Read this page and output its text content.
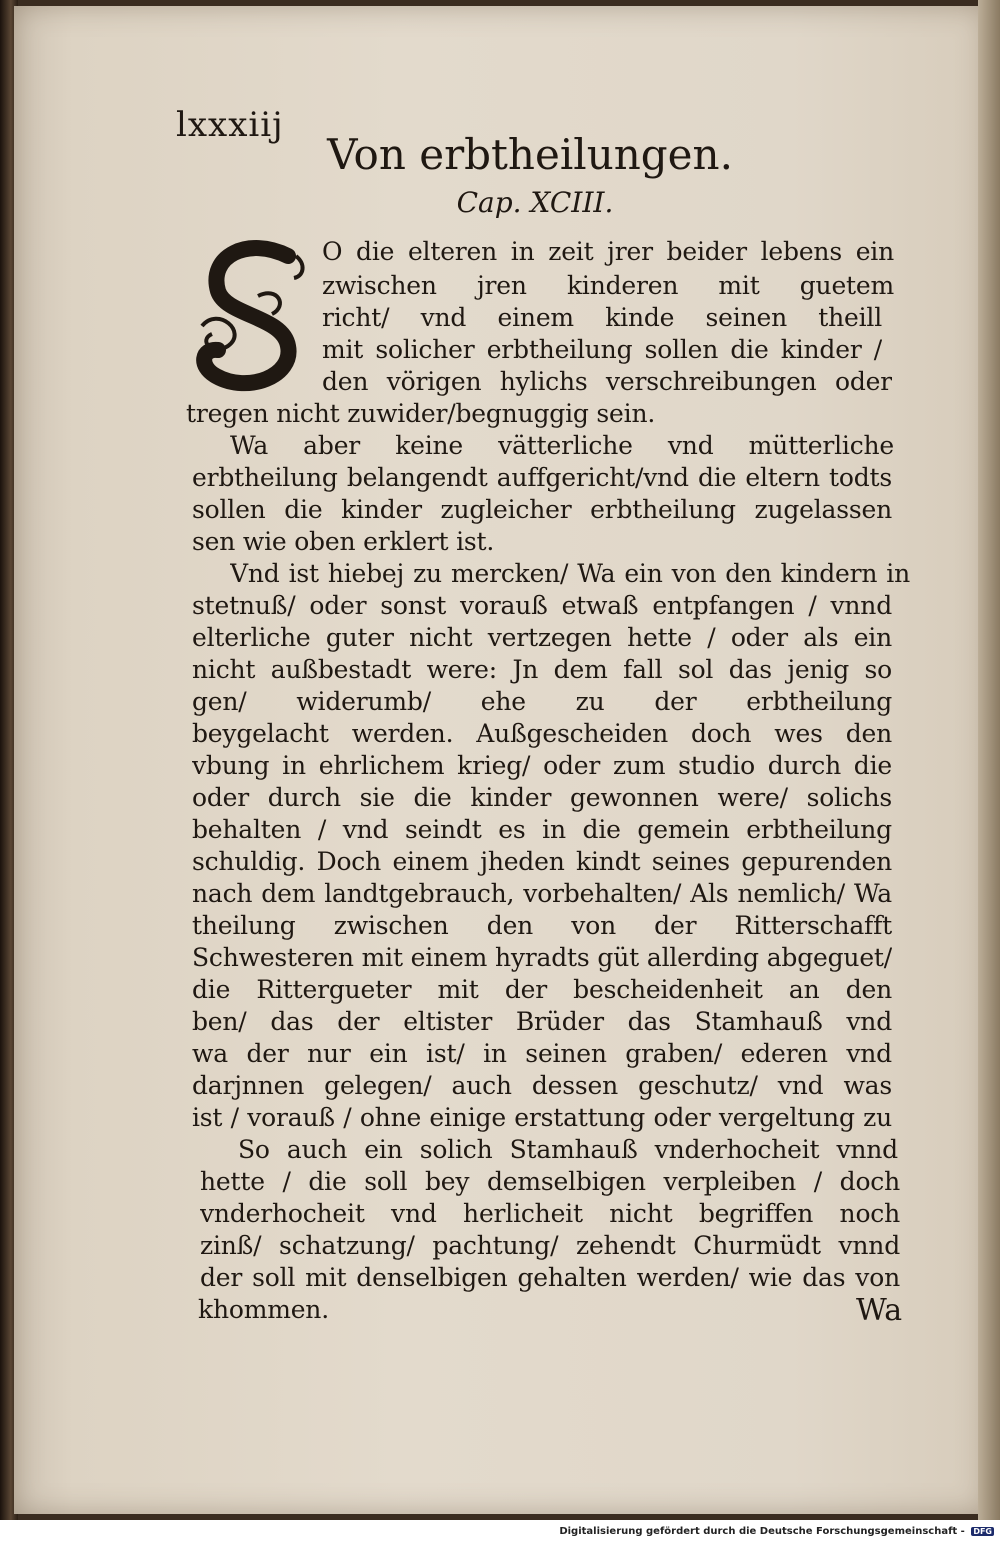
lxxxiij
Von erbtheilungen.
Cap. XCIII.
O die elteren in zeit jrer beider lebens ein
zwischen jren kinderen mit guetem
richt/ vnd einem kinde seinen theill
mit solicher erbtheilung sollen die kinder /
den vörigen hylichs verschreibungen oder
tregen nicht zuwider/begnuggig sein.
Wa aber keine vätterliche vnd mütterliche
erbtheilung belangendt auffgericht/vnd die eltern todts
sollen die kinder zugleicher erbtheilung zugelassen
sen wie oben erklert ist.
Vnd ist hiebej zu mercken/ Wa ein von den kindern in
stetnuß/ oder sonst vorauß etwaß entpfangen / vnnd
elterliche guter nicht vertzegen hette / oder als ein
nicht außbestadt were: Jn dem fall sol das jenig so
gen/ widerumb/ ehe zu der erbtheilung
beygelacht werden. Außgescheiden doch wes den
vbung in ehrlichem krieg/ oder zum studio durch die
oder durch sie die kinder gewonnen were/ solichs
behalten / vnd seindt es in die gemein erbtheilung
schuldig. Doch einem jheden kindt seines gepurenden
nach dem landtgebrauch, vorbehalten/ Als nemlich/ Wa
theilung zwischen den von der Ritterschafft
Schwesteren mit einem hyradts güt allerding abgeguet/
die Rittergueter mit der bescheidenheit an den
ben/ das der eltister Brüder das Stamhauß vnd
wa der nur ein ist/ in seinen graben/ ederen vnd
darjnnen gelegen/ auch dessen geschutz/ vnd was
ist / vorauß / ohne einige erstattung oder vergeltung zu
So auch ein solich Stamhauß vnderhocheit vnnd
hette / die soll bey demselbigen verpleiben / doch
vnderhocheit vnd herlicheit nicht begriffen noch
zinß/ schatzung/ pachtung/ zehendt Churmüdt vnnd
der soll mit denselbigen gehalten werden/ wie das von
khommen.	Wa
Digitalisierung gefördert durch die Deutsche Forschungsgemeinschaft - DFG
